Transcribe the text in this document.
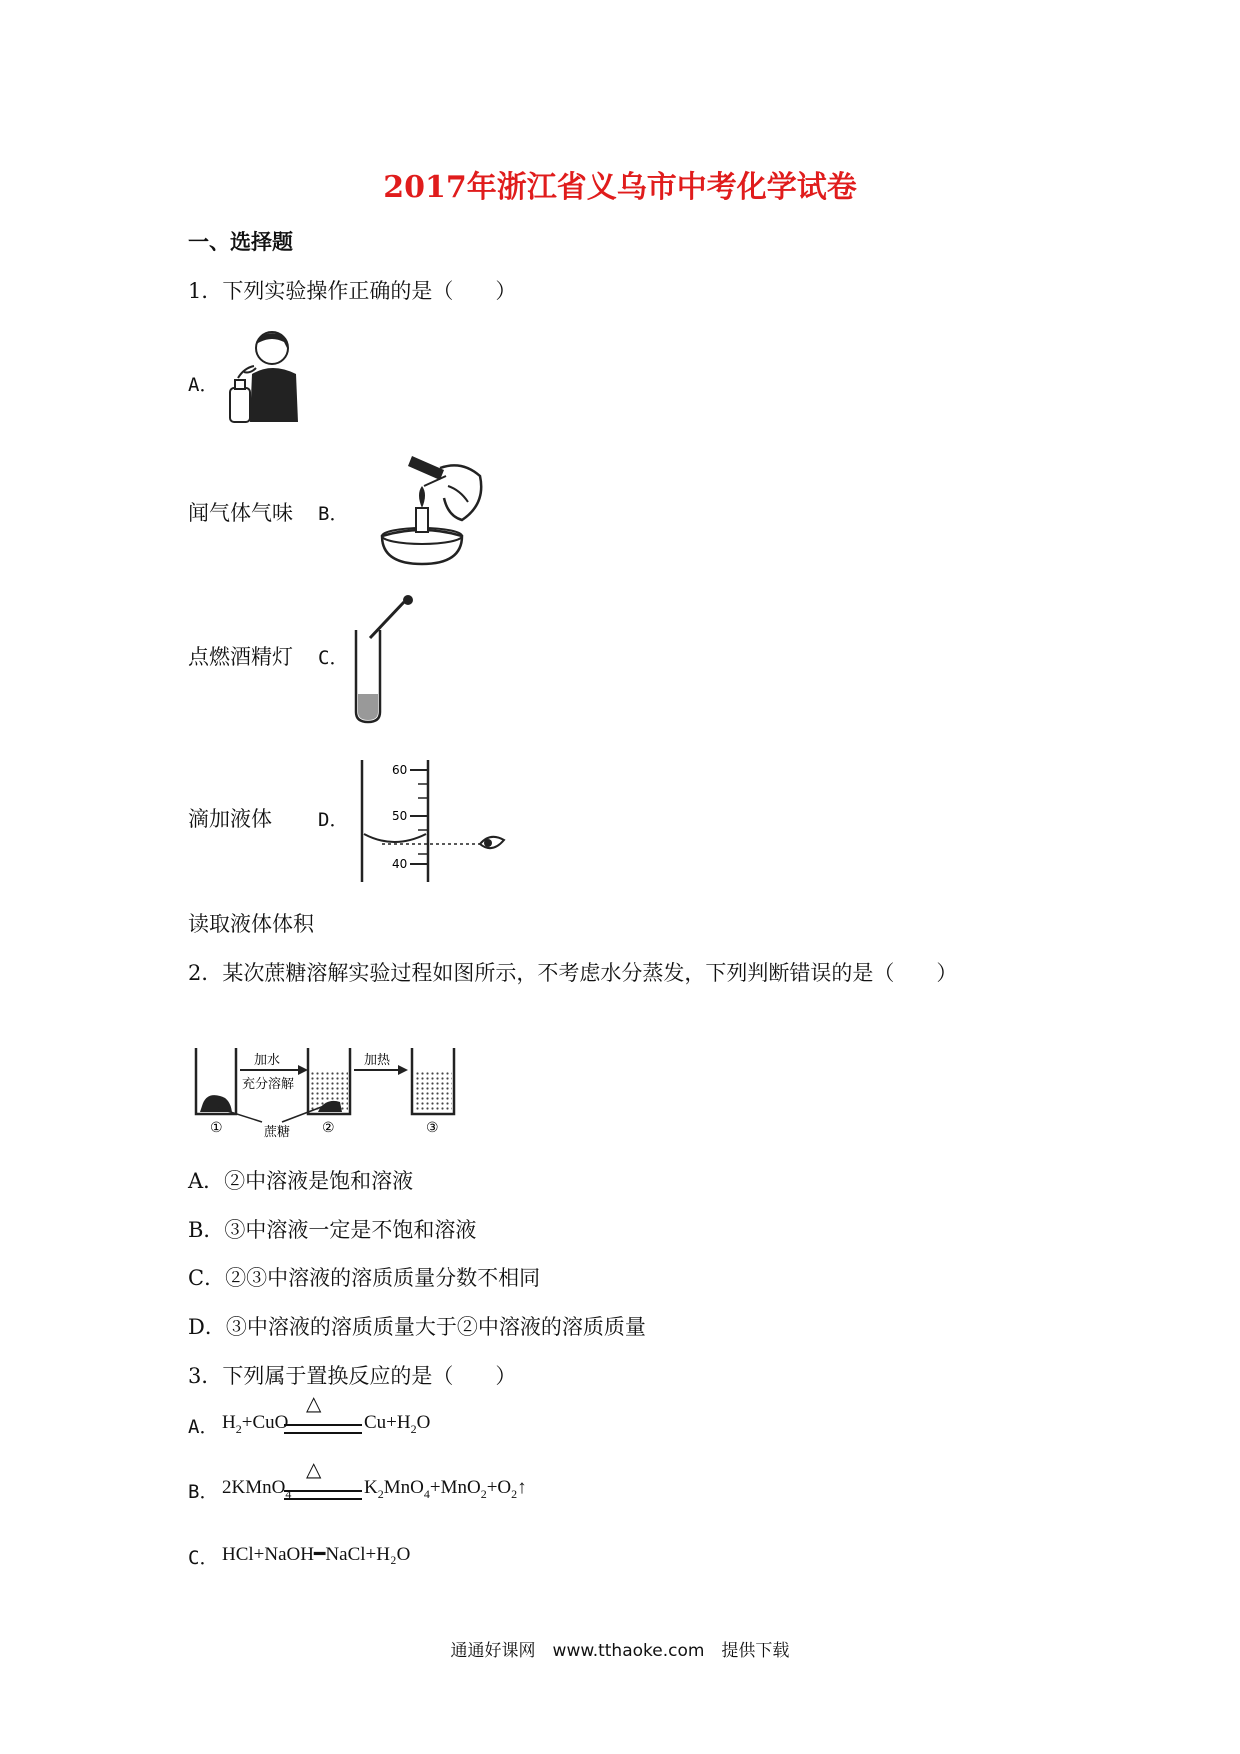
2017年浙江省义乌市中考化学试卷
一、选择题
1．下列实验操作正确的是（　　）
A．
闻气体气味 B．
点燃酒精灯 C．
滴加液体 D．
60
50
40
读取液体体积
2．某次蔗糖溶解实验过程如图所示，不考虑水分蒸发，下列判断错误的是（　　）
①
加水
充分溶解
②
蔗糖
加热
③
A．②中溶液是饱和溶液
B．③中溶液一定是不饱和溶液
C．②③中溶液的溶质质量分数不相同
D．③中溶液的溶质质量大于②中溶液的溶质质量
3．下列属于置换反应的是（　　）
A． $H_2+CuO$
△
$Cu+H_2O$
B． 2KMnO$_4$
△
$K_2MnO_4+MnO_2+O_2↑$
C． HCl+NaOH━NaCl+H₂O
通通好课网　www.tthaoke.com　提供下载
